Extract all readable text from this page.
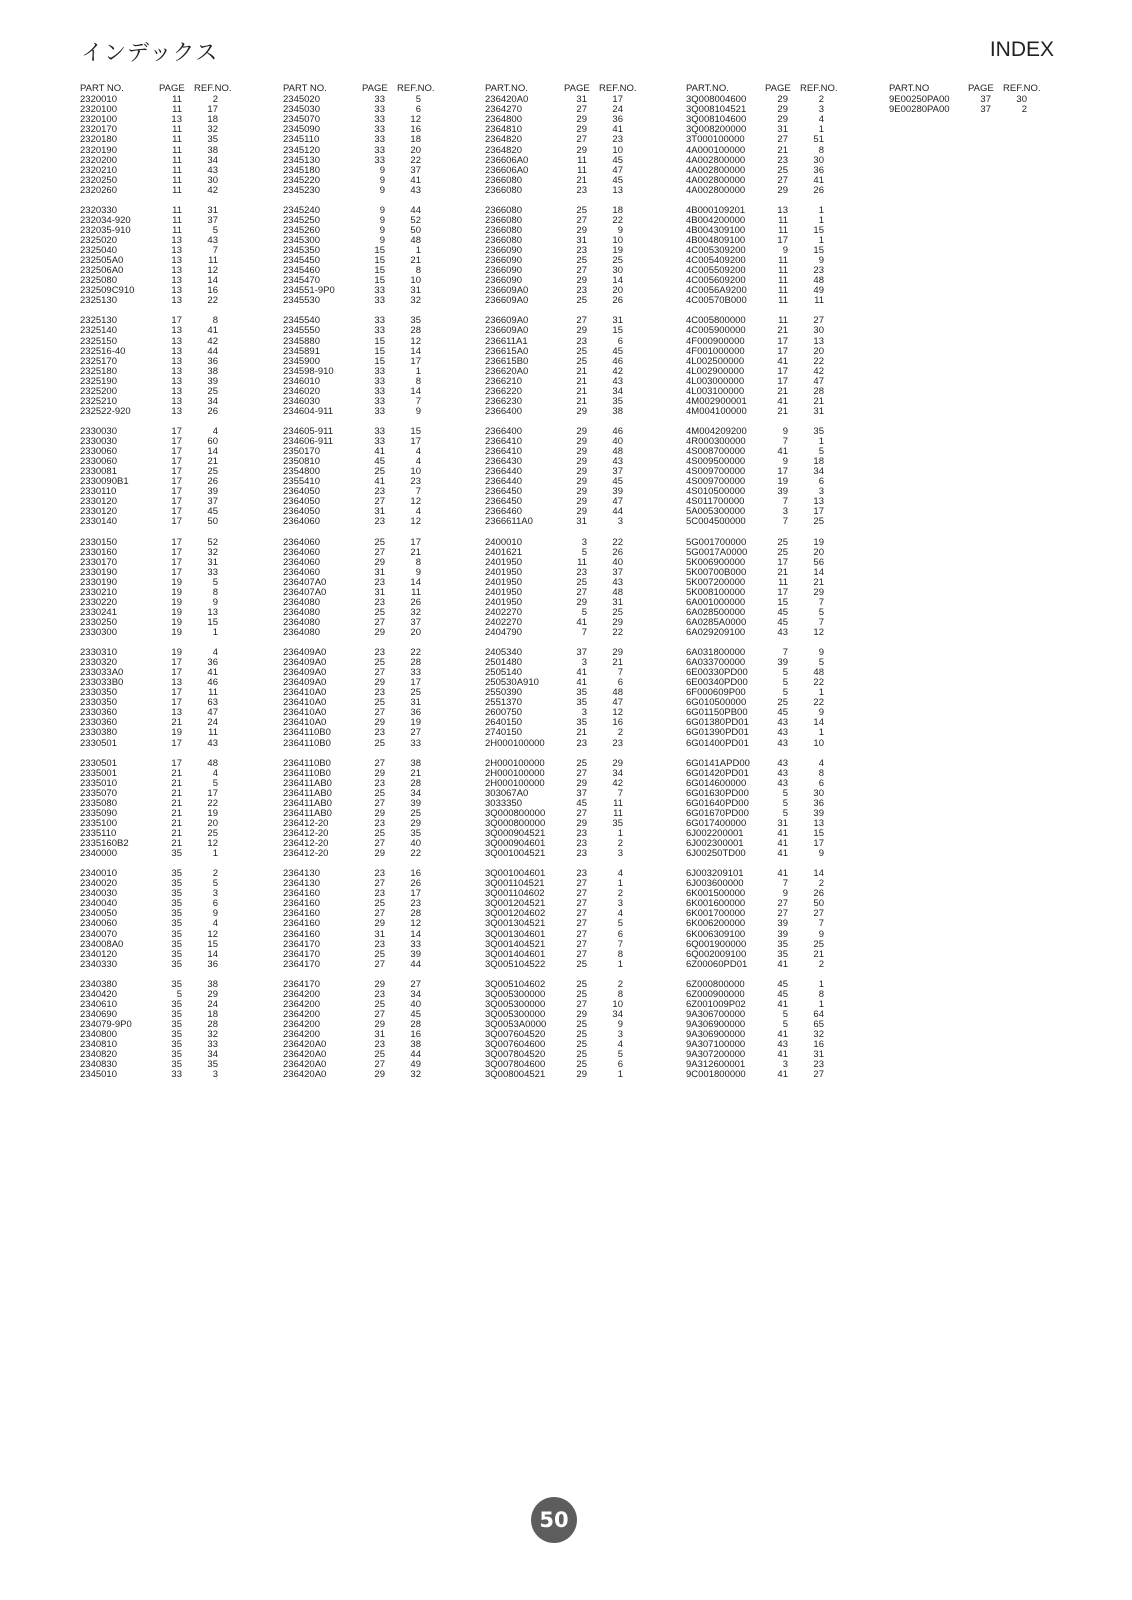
インデックス	INDEX
PART NO.	PAGE REF.NO.
2320010	11	2
2320100	11	17
2320100	13	18
2320170	11	32
2320180	11	35
2320190	11	38
2320200	11	34
2320210	11	43
2320250	11	30
2320260	11	42
2320330	11	31
232034-920	11	37
232035-910	11	5
2325020	13	43
2325040	13	7
232505A0	13	11
232506A0	13	12
2325080	13	14
232509C910	13	16
2325130	13	22
2325130	17	8
2325140	13	41
2325150	13	42
232516-40	13	44
2325170	13	36
2325180	13	38
2325190	13	39
2325200	13	25
2325210	13	34
232522-920	13	26
2330030	17	4
2330030	17	60
2330060	17	14
2330060	17	21
2330081	17	25
2330090B1	17	26
2330110	17	39
2330120	17	37
2330120	17	45
2330140	17	50
2330150	17	52
2330160	17	32
2330170	17	31
2330190	17	33
2330190	19	5
2330210	19	8
2330220	19	9
2330241	19	13
2330250	19	15
2330300	19	1
2330310	19	4
2330320	17	36
233033A0	17	41
233033B0	13	46
2330350	17	11
2330350	17	63
2330360	13	47
2330360	21	24
2330380	19	11
2330501	17	43
2330501	17	48
2335001	21	4
2335010	21	5
2335070	21	17
2335080	21	22
2335090	21	19
2335100	21	20
2335110	21	25
2335160B2	21	12
2340000	35	1
2340010	35	2
2340020	35	5
2340030	35	3
2340040	35	6
2340050	35	9
2340060	35	4
2340070	35	12
234008A0	35	15
2340120	35	14
2340330	35	36
2340380	35	38
2340420	5	29
2340610	35	24
2340690	35	18
234079-9P0	35	28
2340800	35	32
2340810	35	33
2340820	35	34
2340830	35	35
2345010	33	3
PART NO.	PAGE REF.NO.
2345020	33	5
2345030	33	6
2345070	33	12
2345090	33	16
2345110	33	18
2345120	33	20
2345130	33	22
2345180	9	37
2345220	9	41
2345230	9	43
2345240	9	44
2345250	9	52
2345260	9	50
2345300	9	48
2345350	15	1
2345450	15	21
2345460	15	8
2345470	15	10
234551-9P0	33	31
2345530	33	32
2345540	33	35
2345550	33	28
2345880	15	12
2345891	15	14
2345900	15	17
234598-910	33	1
2346010	33	8
2346020	33	14
2346030	33	7
234604-911	33	9
234605-911	33	15
234606-911	33	17
2350170	41	4
2350810	45	4
2354800	25	10
2355410	41	23
2364050	23	7
2364050	27	12
2364050	31	4
2364060	23	12
2364060	25	17
2364060	27	21
2364060	29	8
2364060	31	9
236407A0	23	14
236407A0	31	11
2364080	23	26
2364080	25	32
2364080	27	37
2364080	29	20
236409A0	23	22
236409A0	25	28
236409A0	27	33
236409A0	29	17
236410A0	23	25
236410A0	25	31
236410A0	27	36
236410A0	29	19
2364110B0	23	27
2364110B0	25	33
2364110B0	27	38
2364110B0	29	21
236411AB0	23	28
236411AB0	25	34
236411AB0	27	39
236411AB0	29	25
236412-20	23	29
236412-20	25	35
236412-20	27	40
236412-20	29	22
2364130	23	16
2364130	27	26
2364160	23	17
2364160	25	23
2364160	27	28
2364160	29	12
2364160	31	14
2364170	23	33
2364170	25	39
2364170	27	44
2364170	29	27
2364200	23	34
2364200	25	40
2364200	27	45
2364200	29	28
2364200	31	16
236420A0	23	38
236420A0	25	44
236420A0	27	49
236420A0	29	32
PART.NO.	PAGE REF.NO.
236420A0	31	17
2364270	27	24
2364800	29	36
2364810	29	41
2364820	27	23
2364820	29	10
236606A0	11	45
236606A0	11	47
2366080	21	45
2366080	23	13
2366080	25	18
2366080	27	22
2366080	29	9
2366080	31	10
2366090	23	19
2366090	25	25
2366090	27	30
2366090	29	14
236609A0	23	20
236609A0	25	26
236609A0	27	31
236609A0	29	15
236611A1	23	6
236615A0	25	45
236615B0	25	46
236620A0	21	42
2366210	21	43
2366220	21	34
2366230	21	35
2366400	29	38
2366400	29	46
2366410	29	40
2366410	29	48
2366430	29	43
2366440	29	37
2366440	29	45
2366450	29	39
2366450	29	47
2366460	29	44
2366611A0	31	3
2400010	3	22
2401621	5	26
2401950	11	40
2401950	23	37
2401950	25	43
2401950	27	48
2401950	29	31
2402270	5	25
2402270	41	29
2404790	7	22
2405340	37	29
2501480	3	21
2505140	41	7
250530A910	41	6
2550390	35	48
2551370	35	47
2600750	3	12
2640150	35	16
2740150	21	2
2H000100000	23	23
2H000100000	25	29
2H000100000	27	34
2H000100000	29	42
303067A0	37	7
3033350	45	11
3Q000800000	27	11
3Q000800000	29	35
3Q000904521	23	1
3Q000904601	23	2
3Q001004521	23	3
3Q001004601	23	4
3Q001104521	27	1
3Q001104602	27	2
3Q001204521	27	3
3Q001204602	27	4
3Q001304521	27	5
3Q001304601	27	6
3Q001404521	27	7
3Q001404601	27	8
3Q005104522	25	1
3Q005104602	25	2
3Q005300000	25	8
3Q005300000	27	10
3Q005300000	29	34
3Q0053A0000	25	9
3Q007604520	25	3
3Q007604600	25	4
3Q007804520	25	5
3Q007804600	25	6
3Q008004521	29	1
PART.NO.	PAGE REF.NO.
3Q008004600	29	2
3Q008104521	29	3
3Q008104600	29	4
3Q008200000	31	1
3T000100000	27	51
4A000100000	21	8
4A002800000	23	30
4A002800000	25	36
4A002800000	27	41
4A002800000	29	26
4B000109201	13	1
4B004200000	11	1
4B004309100	11	15
4B004809100	17	1
4C005309200	9	15
4C005409200	11	9
4C005509200	11	23
4C005609200	11	48
4C0056A9200	11	49
4C00570B000	11	11
4C005800000	11	27
4C005900000	21	30
4F000900000	17	13
4F001000000	17	20
4L002500000	41	22
4L002900000	17	42
4L003000000	17	47
4L003100000	21	28
4M002900001	41	21
4M004100000	21	31
4M004209200	9	35
4R000300000	7	1
4S008700000	41	5
4S009500000	9	18
4S009700000	17	34
4S009700000	19	6
4S010500000	39	3
4S011700000	7	13
5A005300000	3	17
5C004500000	7	25
5G001700000	25	19
5G0017A0000	25	20
5K006900000	17	56
5K00700B000	21	14
5K007200000	11	21
5K008100000	17	29
6A001000000	15	7
6A028500000	45	5
6A0285A0000	45	7
6A029209100	43	12
6A031800000	7	9
6A033700000	39	5
6E00330PD00	5	48
6E00340PD00	5	22
6F000609P00	5	1
6G010500000	25	22
6G01150PB00	45	9
6G01380PD01	43	14
6G01390PD01	43	1
6G01400PD01	43	10
6G0141APD00	43	4
6G01420PD01	43	8
6G014600000	43	6
6G01630PD00	5	30
6G01640PD00	5	36
6G01670PD00	5	39
6G017400000	31	13
6J002200001	41	15
6J002300001	41	17
6J00250TD00	41	9
6J003209101	41	14
6J003600000	7	2
6K001500000	9	26
6K001600000	27	50
6K001700000	27	27
6K006200000	39	7
6K006309100	39	9
6Q001900000	35	25
6Q002009100	35	21
6Z00060PD01	41	2
6Z000800000	45	1
6Z000900000	45	8
6Z001009P02	41	1
9A306700000	5	64
9A306900000	5	65
9A306900000	41	32
9A307100000	43	16
9A307200000	41	31
9A312600001	3	23
9C001800000	41	27
PART.NO	PAGE REF.NO.
9E00250PA00	37	30
9E00280PA00	37	2
50
